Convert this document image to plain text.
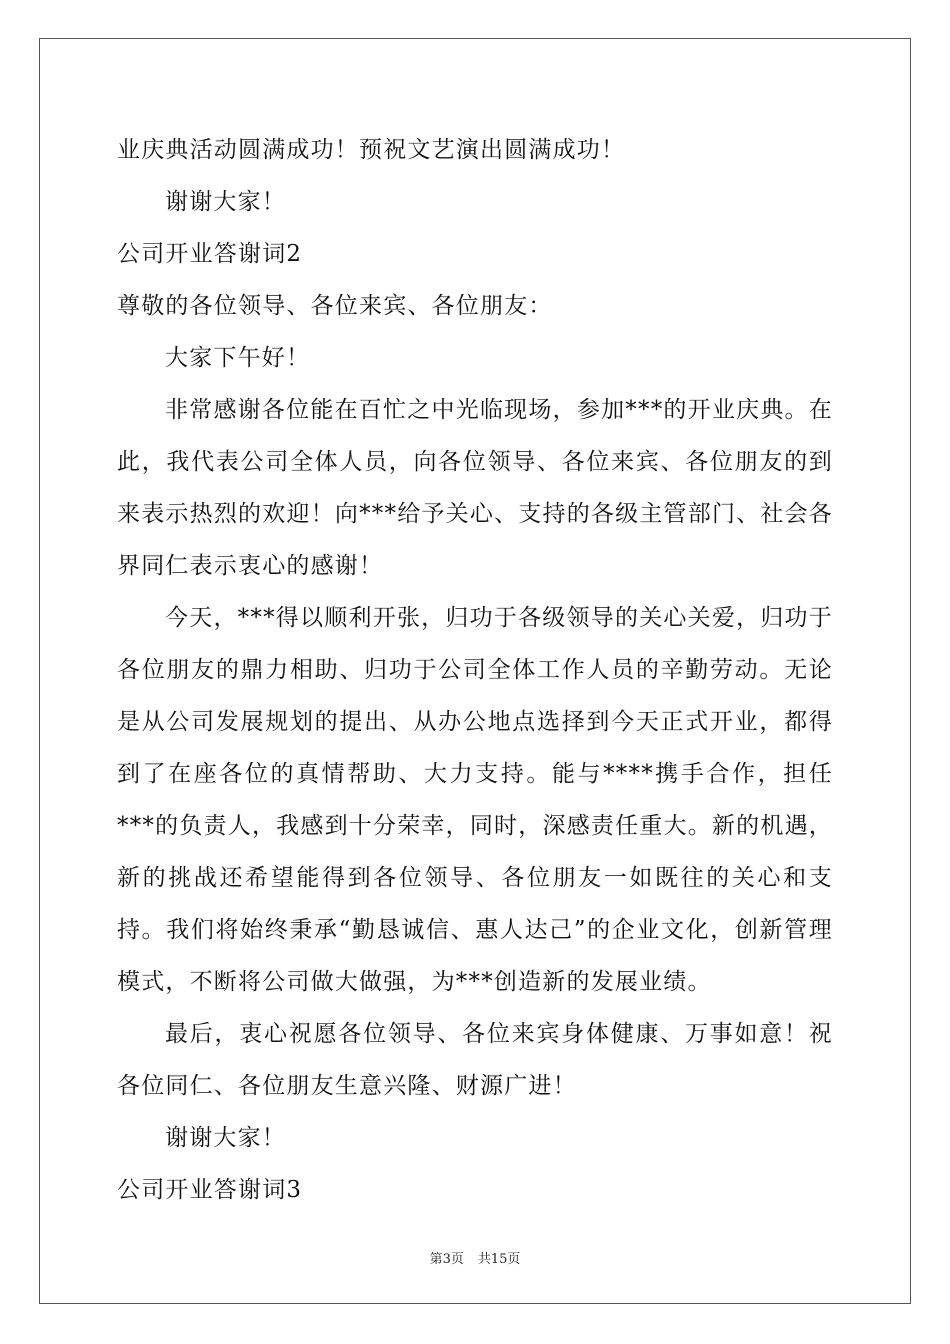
业庆典活动圆满成功！预祝文艺演出圆满成功！
谢谢大家！
公司开业答谢词2
尊敬的各位领导、各位来宾、各位朋友：
大家下午好！

非常感谢各位能在百忙之中光临现场，参加***的开业庆典。在此，我代表公司全体人员，向各位领导、各位来宾、各位朋友的到来表示热烈的欢迎！向***给予关心、支持的各级主管部门、社会各界同仁表示衷心的感谢！

今天，***得以顺利开张，归功于各级领导的关心关爱，归功于各位朋友的鼎力相助、归功于公司全体工作人员的辛勤劳动。无论是从公司发展规划的提出、从办公地点选择到今天正式开业，都得到了在座各位的真情帮助、大力支持。能与****携手合作，担任***的负责人，我感到十分荣幸，同时，深感责任重大。新的机遇，新的挑战还希望能得到各位领导、各位朋友一如既往的关心和支持。我们将始终秉承“勤恳诚信、惠人达己”的企业文化，创新管理模式，不断将公司做大做强，为***创造新的发展业绩。

最后，衷心祝愿各位领导、各位来宾身体健康、万事如意！祝各位同仁、各位朋友生意兴隆、财源广进！

谢谢大家！
公司开业答谢词3
第3页 共15页
